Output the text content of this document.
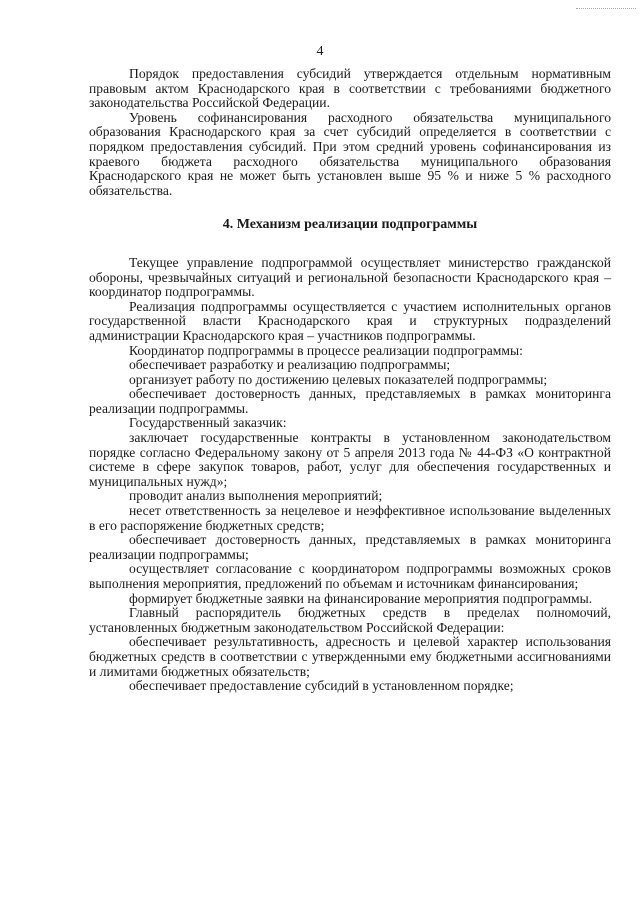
4

Порядок предоставления субсидий утверждается отдельным нормативным правовым актом Краснодарского края в соответствии с требованиями бюджетного законодательства Российской Федерации.

Уровень софинансирования расходного обязательства муниципального образования Краснодарского края за счет субсидий определяется в соответствии с порядком предоставления субсидий. При этом средний уровень софинансирования из краевого бюджета расходного обязательства муниципального образования Краснодарского края не может быть установлен выше 95 % и ниже 5 % расходного обязательства.

4. Механизм реализации подпрограммы

Текущее управление подпрограммой осуществляет министерство гражданской обороны, чрезвычайных ситуаций и региональной безопасности Краснодарского края – координатор подпрограммы.

Реализация подпрограммы осуществляется с участием исполнительных органов государственной власти Краснодарского края и структурных подразделений администрации Краснодарского края – участников подпрограммы.

Координатор подпрограммы в процессе реализации подпрограммы:

обеспечивает разработку и реализацию подпрограммы;

организует работу по достижению целевых показателей подпрограммы;

обеспечивает достоверность данных, представляемых в рамках мониторинга реализации подпрограммы.

Государственный заказчик:

заключает государственные контракты в установленном законодательством порядке согласно Федеральному закону от 5 апреля 2013 года № 44-ФЗ «О контрактной системе в сфере закупок товаров, работ, услуг для обеспечения государственных и муниципальных нужд»;

проводит анализ выполнения мероприятий;

несет ответственность за нецелевое и неэффективное использование выделенных в его распоряжение бюджетных средств;

обеспечивает достоверность данных, представляемых в рамках мониторинга реализации подпрограммы;

осуществляет согласование с координатором подпрограммы возможных сроков выполнения мероприятия, предложений по объемам и источникам финансирования;

формирует бюджетные заявки на финансирование мероприятия подпрограммы.

Главный распорядитель бюджетных средств в пределах полномочий, установленных бюджетным законодательством Российской Федерации:

обеспечивает результативность, адресность и целевой характер использования бюджетных средств в соответствии с утвержденными ему бюджетными ассигнованиями и лимитами бюджетных обязательств;

обеспечивает предоставление субсидий в установленном порядке;
